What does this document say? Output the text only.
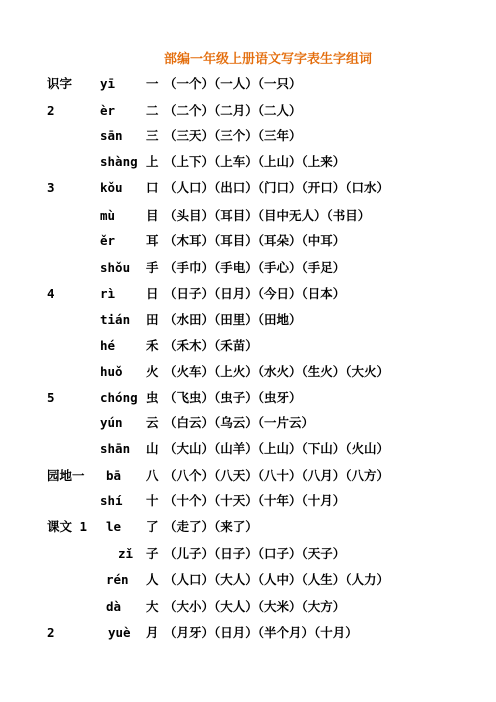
部编一年级上册语文写字表生字组词
识字 yī 一 （一个）（一人）（一只）
2	èr 二 （二个）（二月）（二人）
sān 三 （三天）（三个）（三年）
shàng 上 （上下）（上车）（上山）（上来）
3	kǒu 口 （人口）（出口）（门口）（开口）（口水）
mù 目 （头目）（耳目）（目中无人）（书目）
ěr 耳 （木耳）（耳目）（耳朵）（中耳）
shǒu 手 （手巾）（手电）（手心）（手足）
4	rì 日 （日子）（日月）（今日）（日本）
tián 田 （水田）（田里）（田地）
hé 禾 （禾木）（禾苗）
huǒ 火 （火车）（上火）（水火）（生火）（大火）
5	chóng 虫 （飞虫）（虫子）（虫牙）
yún 云 （白云）（乌云）（一片云）
shān 山 （大山）（山羊）（上山）（下山）（火山）
园地一 bā 八 （八个）（八天）（八十）（八月）（八方）
shí 十 （十个）（十天）（十年）（十月）
课文 1 le 了 （走了）（来了）
zǐ 子 （儿子）（日子）（口子）（天子）
rén 人 （人口）（大人）（人中）（人生）（人力）
dà 大 （大小）（大人）（大米）（大方）
2	yuè 月 （月牙）（日月）（半个月）（十月）
